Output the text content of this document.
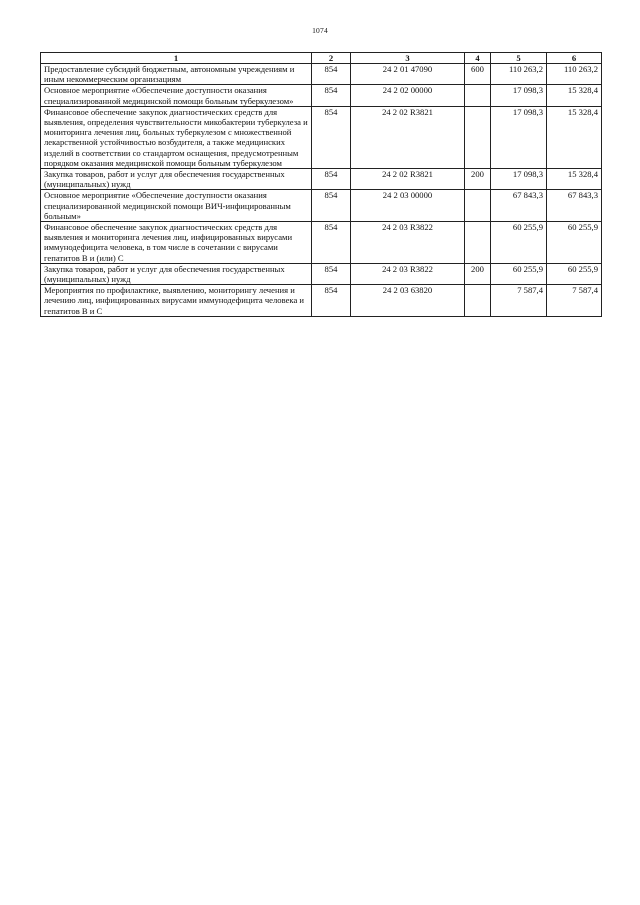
1074
1	2	3	4	5	6
Предоставление субсидий бюджетным, автономным учреждениям и иным некоммерческим организациям	854	24 2 01 47090	600	110 263,2	110 263,2
Основное мероприятие «Обеспечение доступности оказания специализированной медицинской помощи больным туберкулезом»	854	24 2 02 00000		17 098,3	15 328,4
Финансовое обеспечение закупок диагностических средств для выявления, определения чувствительности микобактерии туберкулеза и мониторинга лечения лиц, больных туберкулезом с множественной лекарственной устойчивостью возбудителя, а также медицинских изделий в соответствии со стандартом оснащения, предусмотренным порядком оказания медицинской помощи больным туберкулезом	854	24 2 02 R3821		17 098,3	15 328,4
Закупка товаров, работ и услуг для обеспечения государственных (муниципальных) нужд	854	24 2 02 R3821	200	17 098,3	15 328,4
Основное мероприятие «Обеспечение доступности оказания специализированной медицинской помощи ВИЧ-инфицированным больным»	854	24 2 03 00000		67 843,3	67 843,3
Финансовое обеспечение закупок диагностических средств для выявления и мониторинга лечения лиц, инфицированных вирусами иммунодефицита человека, в том числе в сочетании с вирусами гепатитов В и (или) С	854	24 2 03 R3822		60 255,9	60 255,9
Закупка товаров, работ и услуг для обеспечения государственных (муниципальных) нужд	854	24 2 03 R3822	200	60 255,9	60 255,9
Мероприятия по профилактике, выявлению, мониторингу лечения и лечению лиц, инфицированных вирусами иммунодефицита человека и гепатитов В и С	854	24 2 03 63820		7 587,4	7 587,4
